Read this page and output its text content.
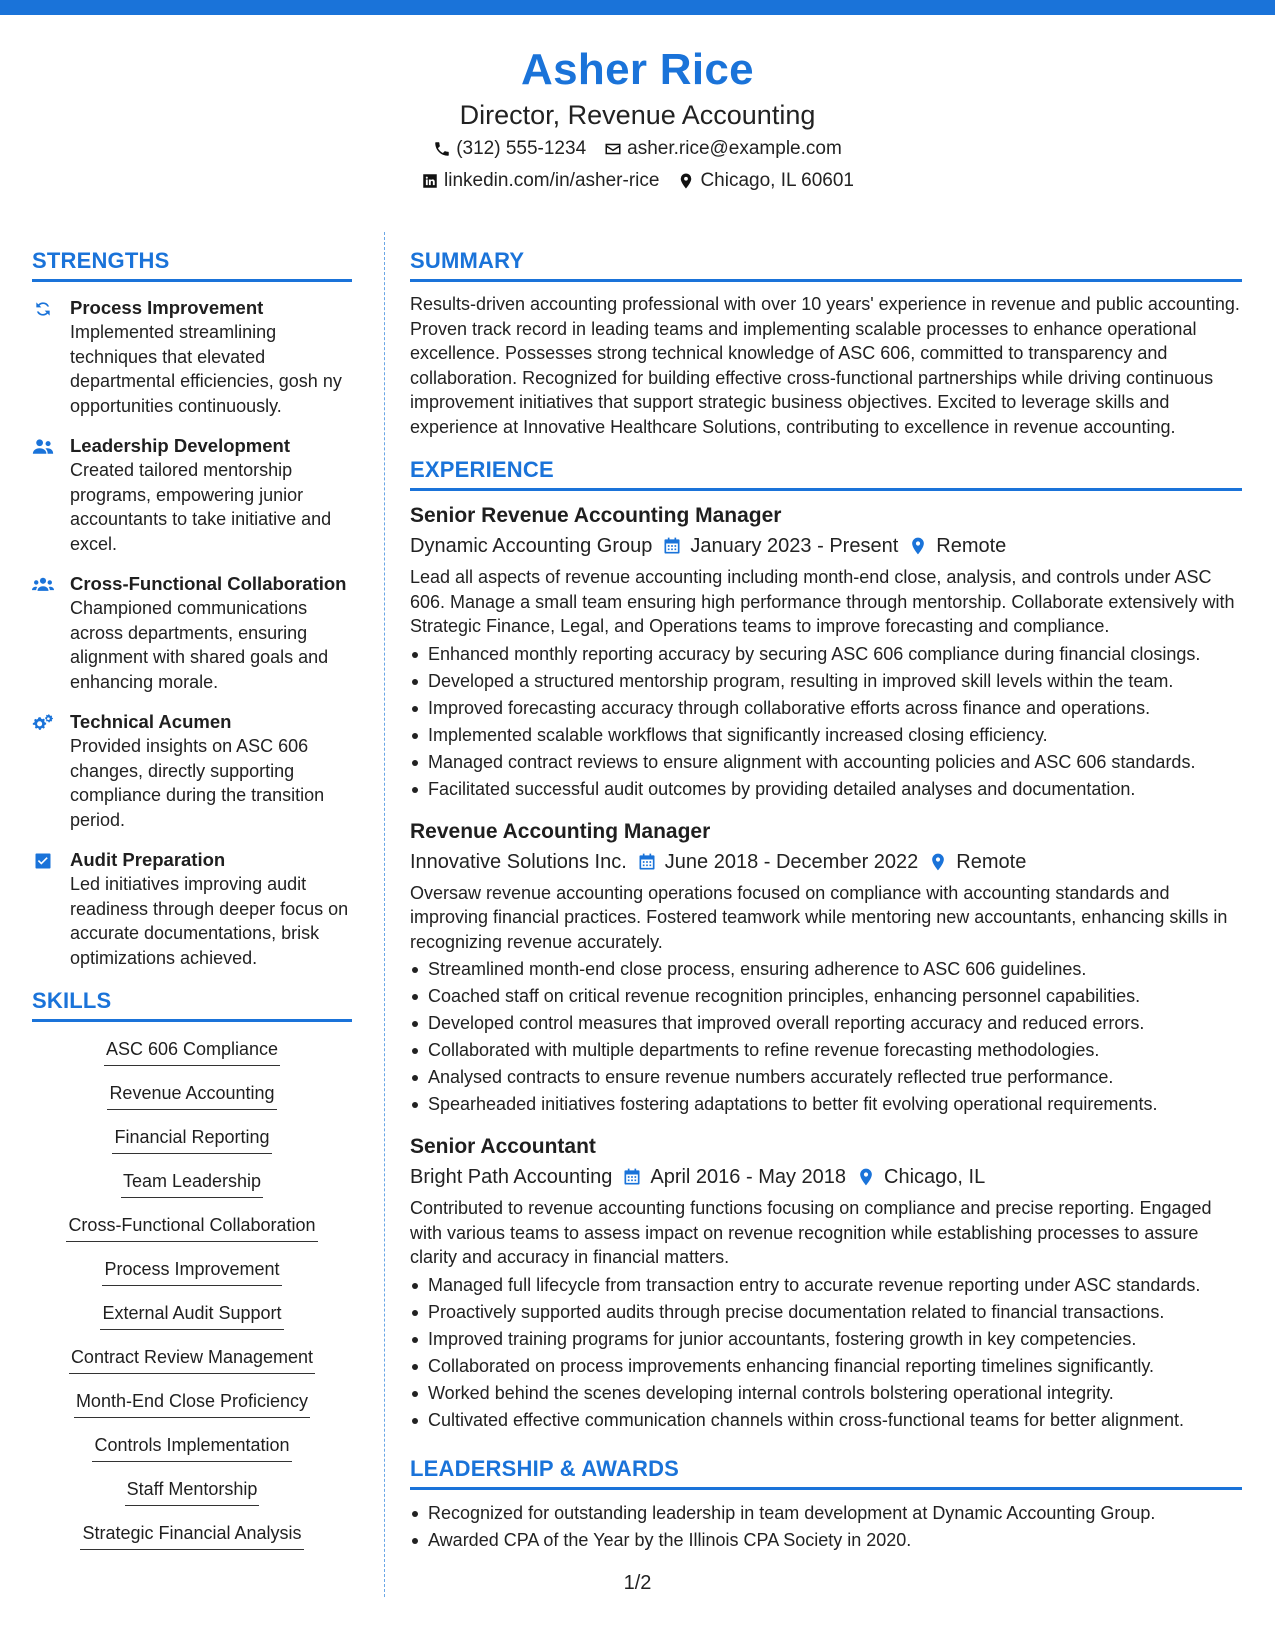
Asher Rice
Director, Revenue Accounting
(312) 555-1234 asher.rice@example.com
linkedin.com/in/asher-rice Chicago, IL 60601
STRENGTHS
Process Improvement
Implemented streamlining techniques that elevated departmental efficiencies, gosh ny opportunities continuously.
Leadership Development
Created tailored mentorship programs, empowering junior accountants to take initiative and excel.
Cross-Functional Collaboration
Championed communications across departments, ensuring alignment with shared goals and enhancing morale.
Technical Acumen
Provided insights on ASC 606 changes, directly supporting compliance during the transition period.
Audit Preparation
Led initiatives improving audit readiness through deeper focus on accurate documentations, brisk optimizations achieved.
SKILLS
ASC 606 Compliance
Revenue Accounting
Financial Reporting
Team Leadership
Cross-Functional Collaboration
Process Improvement
External Audit Support
Contract Review Management
Month-End Close Proficiency
Controls Implementation
Staff Mentorship
Strategic Financial Analysis
SUMMARY
Results-driven accounting professional with over 10 years' experience in revenue and public accounting. Proven track record in leading teams and implementing scalable processes to enhance operational excellence. Possesses strong technical knowledge of ASC 606, committed to transparency and collaboration. Recognized for building effective cross-functional partnerships while driving continuous improvement initiatives that support strategic business objectives. Excited to leverage skills and experience at Innovative Healthcare Solutions, contributing to excellence in revenue accounting.
EXPERIENCE
Senior Revenue Accounting Manager
Dynamic Accounting Group January 2023 - Present Remote
Lead all aspects of revenue accounting including month-end close, analysis, and controls under ASC 606. Manage a small team ensuring high performance through mentorship. Collaborate extensively with Strategic Finance, Legal, and Operations teams to improve forecasting and compliance.
Enhanced monthly reporting accuracy by securing ASC 606 compliance during financial closings.
Developed a structured mentorship program, resulting in improved skill levels within the team.
Improved forecasting accuracy through collaborative efforts across finance and operations.
Implemented scalable workflows that significantly increased closing efficiency.
Managed contract reviews to ensure alignment with accounting policies and ASC 606 standards.
Facilitated successful audit outcomes by providing detailed analyses and documentation.
Revenue Accounting Manager
Innovative Solutions Inc. June 2018 - December 2022 Remote
Oversaw revenue accounting operations focused on compliance with accounting standards and improving financial practices. Fostered teamwork while mentoring new accountants, enhancing skills in recognizing revenue accurately.
Streamlined month-end close process, ensuring adherence to ASC 606 guidelines.
Coached staff on critical revenue recognition principles, enhancing personnel capabilities.
Developed control measures that improved overall reporting accuracy and reduced errors.
Collaborated with multiple departments to refine revenue forecasting methodologies.
Analysed contracts to ensure revenue numbers accurately reflected true performance.
Spearheaded initiatives fostering adaptations to better fit evolving operational requirements.
Senior Accountant
Bright Path Accounting April 2016 - May 2018 Chicago, IL
Contributed to revenue accounting functions focusing on compliance and precise reporting. Engaged with various teams to assess impact on revenue recognition while establishing processes to assure clarity and accuracy in financial matters.
Managed full lifecycle from transaction entry to accurate revenue reporting under ASC standards.
Proactively supported audits through precise documentation related to financial transactions.
Improved training programs for junior accountants, fostering growth in key competencies.
Collaborated on process improvements enhancing financial reporting timelines significantly.
Worked behind the scenes developing internal controls bolstering operational integrity.
Cultivated effective communication channels within cross-functional teams for better alignment.
LEADERSHIP & AWARDS
Recognized for outstanding leadership in team development at Dynamic Accounting Group.
Awarded CPA of the Year by the Illinois CPA Society in 2020.
1/2
